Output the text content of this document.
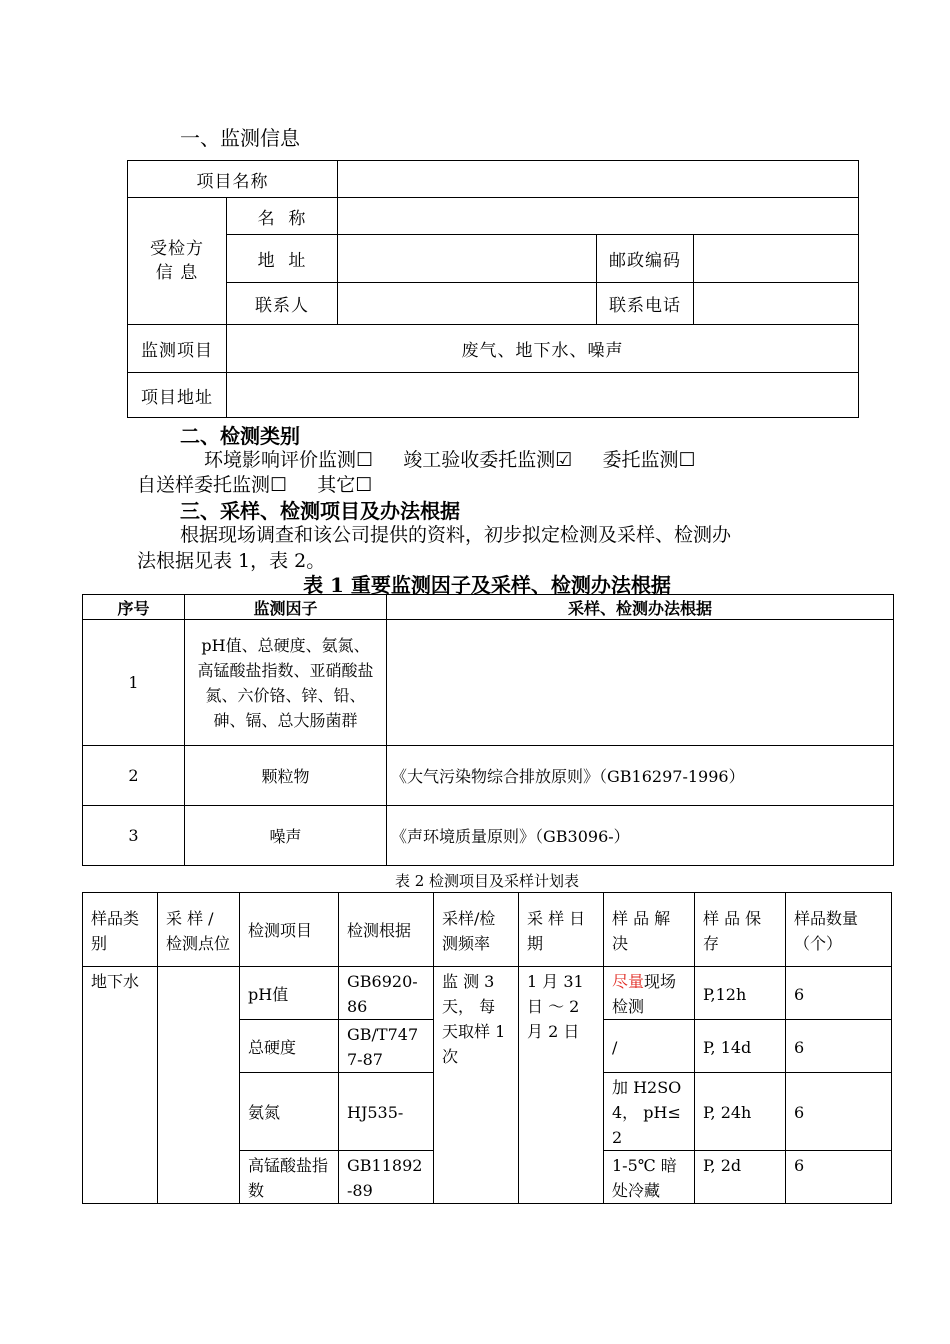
一、监测信息
项目名称				
受检方
信 息	名  称			
	地  址		邮政编码	
	联系人		联系电话	
监测项目	废气、地下水、噪声			
项目地址				
二、检测类别
环境影响评价监测☐     竣工验收委托监测☑     委托监测☐
自送样委托监测☐     其它☐
三、采样、检测项目及办法根据
根据现场调查和该公司提供的资料，初步拟定检测及采样、检测办
法根据见表 1，表 2。
表 1 重要监测因子及采样、检测办法根据
序号	监测因子	采样、检测办法根据
1	pH值、总硬度、氨氮、高锰酸盐指数、亚硝酸盐氮、六价铬、锌、铅、砷、镉、总大肠菌群	
2	颗粒物	《大气污染物综合排放原则》（GB16297-1996）
3	噪声	《声环境质量原则》（GB3096-）
表 2 检测项目及采样计划表
样品类别	采 样 / 检测点位	检测项目	检测根据	采样/检测频率	采 样 日期	样 品 解决	样 品 保存	样品数量（个）
地下水		pH值	GB6920-86	监 测 3 天， 每 天取样 1次	1 月 31 日 ～ 2 月 2 日	尽量现场检测	P,12h	6
		总硬度	GB/T7477-87			/	P, 14d	6
		氨氮	HJ535-			加 H2SO4， pH≤2	P, 24h	6
		高锰酸盐指数	GB11892-89			1-5℃ 暗处冷藏	P, 2d	6
